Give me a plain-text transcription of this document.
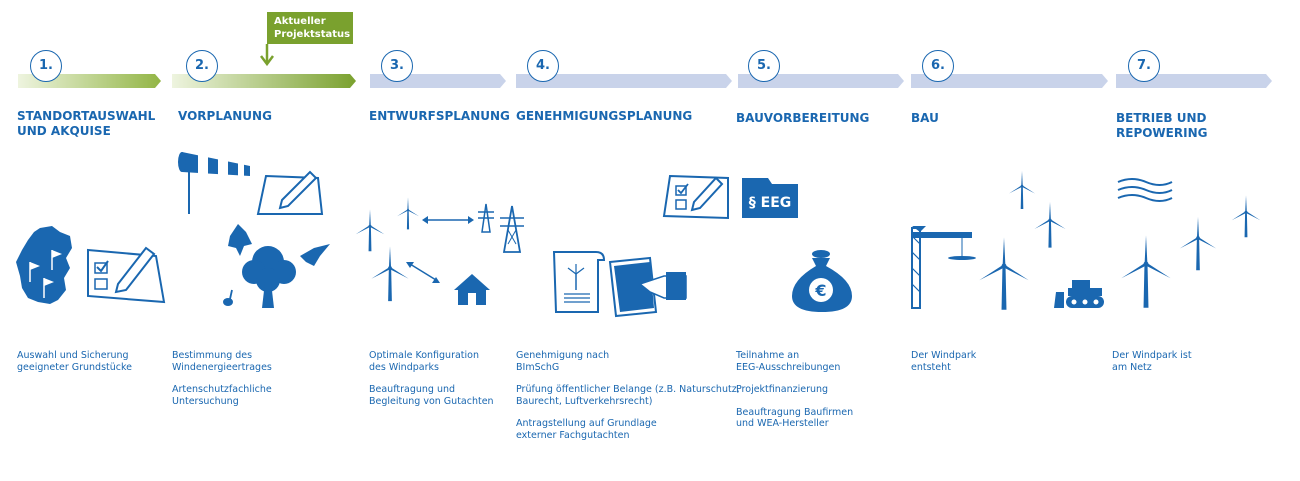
§ EEG
€
Aktueller Projektstatus
1.	2.	3.	4.	5.	6.	7.
STANDORTAUSWAHL
UND AKQUISE
VORPLANUNG	ENTWURFSPLANUNG GENEHMIGUNGSPLANUNG	BAUVORBEREITUNG	BAU	BETRIEB UND REPOWERING

Auswahl und Sicherung
geeigneter Grundstücke

Bestimmung des
Windenergieertrages

Artenschutzfachliche
Untersuchung

Optimale Konfiguration
des Windparks

Beauftragung und
Begleitung von Gutachten

Genehmigung nach
BImSchG

Prüfung öffentlicher Belange (z.B. Naturschutz,
Baurecht, Luftverkehrsrecht)

Antragstellung auf Grundlage
externer Fachgutachten

Teilnahme an
EEG-Ausschreibungen

Projektfinanzierung

Beauftragung Baufirmen
und WEA-Hersteller

Der Windpark
entsteht

Der Windpark ist
am Netz
